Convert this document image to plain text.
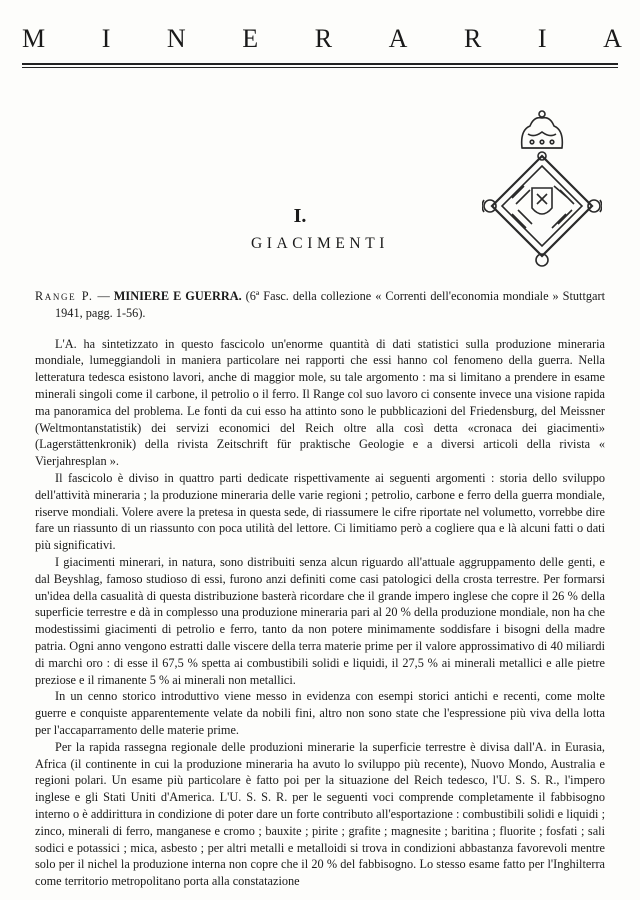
M I N E R A R I A
I.
GIACIMENTI

Range P. — MINIERE E GUERRA. (6ª Fasc. della collezione « Correnti dell'economia mondiale » Stuttgart 1941, pagg. 1-56).

L'A. ha sintetizzato in questo fascicolo un'enorme quantità di dati statistici sulla produzione mineraria mondiale, lumeggiandoli in maniera particolare nei rapporti che essi hanno col fenomeno della guerra. Nella letteratura tedesca esistono lavori, anche di maggior mole, su tale argomento : ma si limitano a prendere in esame minerali singoli come il carbone, il petrolio o il ferro. Il Range col suo lavoro ci consente invece una visione rapida ma panoramica del problema. Le fonti da cui esso ha attinto sono le pubblicazioni del Friedensburg, del Meissner (Weltmontanstatistik) dei servizi economici del Reich oltre alla così detta «cronaca dei giacimenti» (Lagerstättenkronik) della rivista Zeitschrift für praktische Geologie e a diversi articoli della rivista « Vierjahresplan ».

Il fascicolo è diviso in quattro parti dedicate rispettivamente ai seguenti argomenti : storia dello sviluppo dell'attività mineraria ; la produzione mineraria delle varie regioni ; petrolio, carbone e ferro della guerra mondiale, riserve mondiali. Volere avere la pretesa in questa sede, di riassumere le cifre riportate nel volumetto, vorrebbe dire fare un riassunto di un riassunto con poca utilità del lettore. Ci limitiamo però a cogliere qua e là alcuni fatti o dati più significativi.

I giacimenti minerari, in natura, sono distribuiti senza alcun riguardo all'attuale aggruppamento delle genti, e dal Beyshlag, famoso studioso di essi, furono anzi definiti come casi patologici della crosta terrestre. Per formarsi un'idea della casualità di questa distribuzione basterà ricordare che il grande impero inglese che copre il 26 % della superficie terrestre e dà in complesso una produzione mineraria pari al 20 % della produzione mondiale, non ha che modestissimi giacimenti di petrolio e ferro, tanto da non potere minimamente soddisfare i bisogni della madre patria. Ogni anno vengono estratti dalle viscere della terra materie prime per il valore approssimativo di 40 miliardi di marchi oro : di esse il 67,5 % spetta ai combustibili solidi e liquidi, il 27,5 % ai minerali metallici e alle pietre preziose e il rimanente 5 % ai minerali non metallici.

In un cenno storico introduttivo viene messo in evidenza con esempi storici antichi e recenti, come molte guerre e conquiste apparentemente velate da nobili fini, altro non sono state che l'espressione più viva della lotta per l'accaparramento delle materie prime.

Per la rapida rassegna regionale delle produzioni minerarie la superficie terrestre è divisa dall'A. in Eurasia, Africa (il continente in cui la produzione mineraria ha avuto lo sviluppo più recente), Nuovo Mondo, Australia e regioni polari. Un esame più particolare è fatto poi per la situazione del Reich tedesco, l'U. S. S. R., l'impero inglese e gli Stati Uniti d'America. L'U. S. S. R. per le seguenti voci comprende completamente il fabbisogno interno o è addirittura in condizione di poter dare un forte contributo all'esportazione : combustibili solidi e liquidi ; zinco, minerali di ferro, manganese e cromo ; bauxite ; pirite ; grafite ; magnesite ; baritina ; fluorite ; fosfati ; sali sodici e potassici ; mica, asbesto ; per altri metalli e metalloidi si trova in condizioni abbastanza favorevoli mentre solo per il nichel la produzione interna non copre che il 20 % del fabbisogno. Lo stesso esame fatto per l'Inghilterra come territorio metropolitano porta alla constatazione
